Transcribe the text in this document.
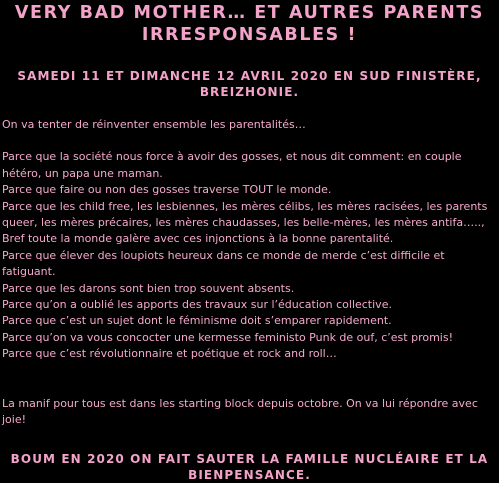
VERY BAD MOTHER… ET AUTRES PARENTS IRRESPONSABLES !
SAMEDI 11 ET DIMANCHE 12 AVRIL 2020 EN SUD FINISTÈRE, BREIZHONIE.

On va tenter de réinventer ensemble les parentalités…

Parce que la société nous force à avoir des gosses, et nous dit comment: en couple hétéro, un papa une maman.
Parce que faire ou non des gosses traverse TOUT le monde.
Parce que les child free, les lesbiennes, les mères célibs, les mères racisées, les parents queer, les mères précaires, les mères chaudasses, les belle-mères, les mères antifa….., Bref toute la monde galère avec ces injonctions à la bonne parentalité.
Parce que élever des loupiots heureux dans ce monde de merde c’est difficile et fatiguant.
Parce que les darons sont bien trop souvent absents.
Parce qu’on a oublié les apports des travaux sur l’éducation collective.
Parce que c’est un sujet dont le féminisme doit s’emparer rapidement.
Parce qu’on va vous concocter une kermesse feministo Punk de ouf, c’est promis!
Parce que c’est révolutionnaire et poétique et rock and roll…

La manif pour tous est dans les starting block depuis octobre. On va lui répondre avec joie!

BOUM EN 2020 ON FAIT SAUTER LA FAMILLE NUCLÉAIRE ET LA BIENPENSANCE.
